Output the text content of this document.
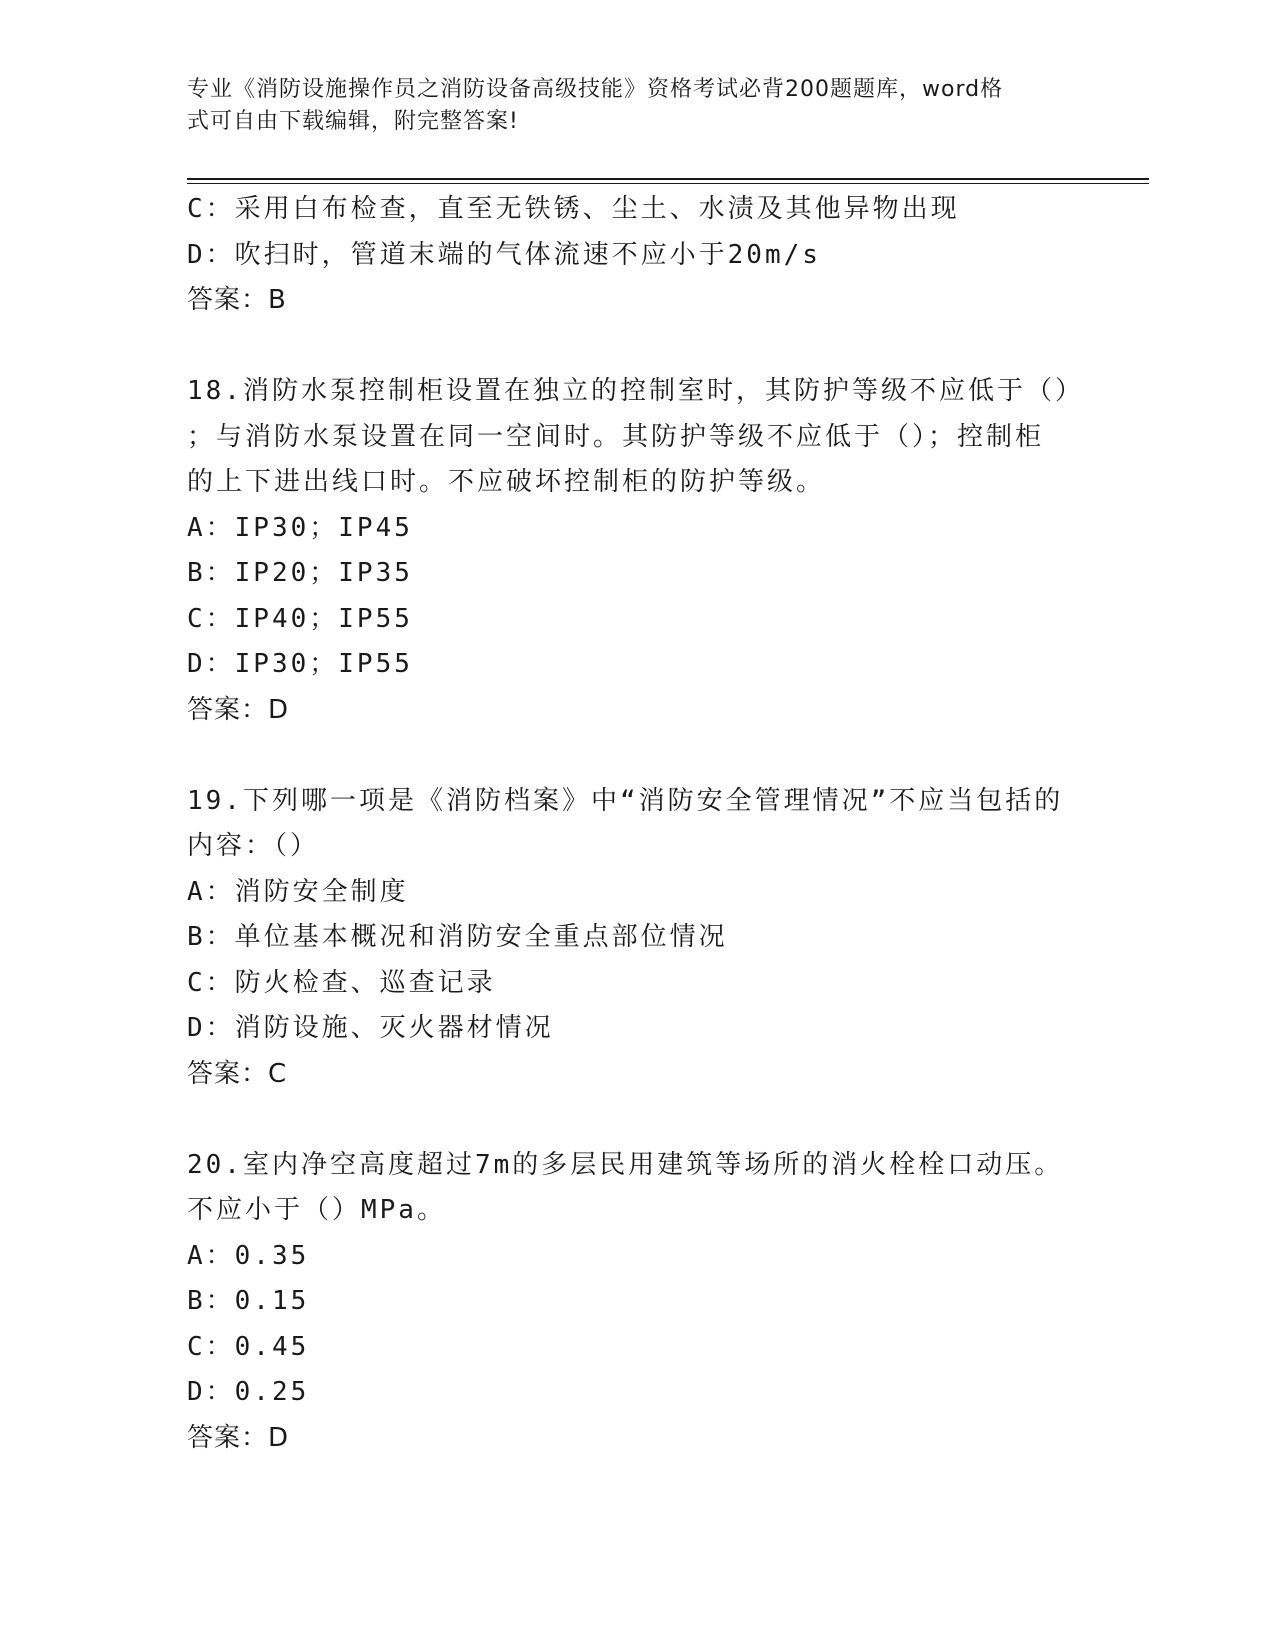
专业《消防设施操作员之消防设备高级技能》资格考试必背200题题库，word格
式可自由下载编辑，附完整答案!
C：采用白布检查，直至无铁锈、尘土、水渍及其他异物出现
D：吹扫时，管道末端的气体流速不应小于20m/s
答案：B
18.消防水泵控制柜设置在独立的控制室时，其防护等级不应低于（）
；与消防水泵设置在同一空间时。其防护等级不应低于（）；控制柜
的上下进出线口时。不应破坏控制柜的防护等级。
A：IP30；IP45
B：IP20；IP35
C：IP40；IP55
D：IP30；IP55
答案：D
19.下列哪一项是《消防档案》中“消防安全管理情况”不应当包括的
内容：（）
A：消防安全制度
B：单位基本概况和消防安全重点部位情况
C：防火检查、巡查记录
D：消防设施、灭火器材情况
答案：C
20.室内净空高度超过7m的多层民用建筑等场所的消火栓栓口动压。
不应小于（）MPa。
A：0.35
B：0.15
C：0.45
D：0.25
答案：D
